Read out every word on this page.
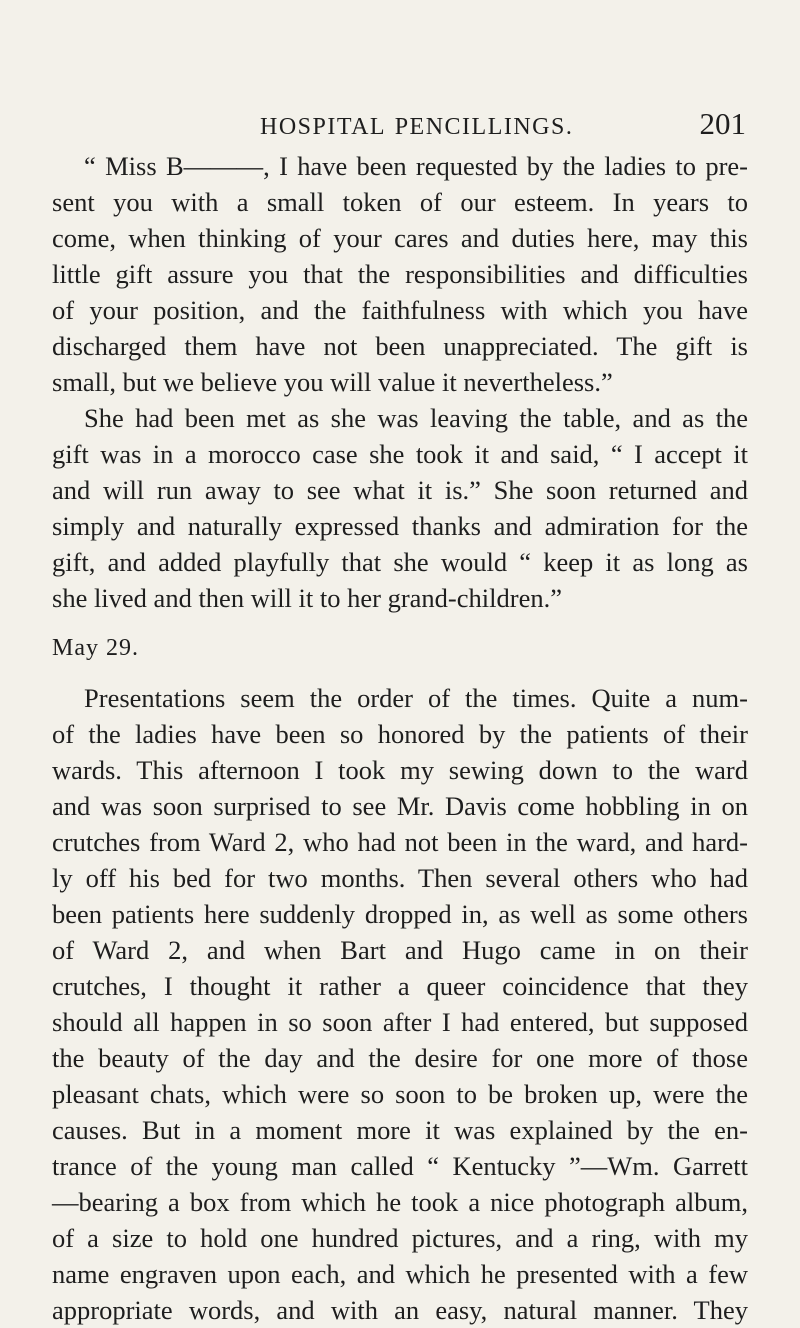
HOSPITAL PENCILLINGS.	201
“ Miss B———, I have been requested by the ladies to pre-
sent you with a small token of our esteem. In years to
come, when thinking of your cares and duties here, may this
little gift assure you that the responsibilities and difficulties
of your position, and the faithfulness with which you have
discharged them have not been unappreciated. The gift is
small, but we believe you will value it nevertheless.”
She had been met as she was leaving the table, and as the
gift was in a morocco case she took it and said, “ I accept it
and will run away to see what it is.” She soon returned and
simply and naturally expressed thanks and admiration for the
gift, and added playfully that she would “ keep it as long as
she lived and then will it to her grand-children.”
May 29.
Presentations seem the order of the times. Quite a num-
of the ladies have been so honored by the patients of their
wards. This afternoon I took my sewing down to the ward
and was soon surprised to see Mr. Davis come hobbling in on
crutches from Ward 2, who had not been in the ward, and hard-
ly off his bed for two months. Then several others who had
been patients here suddenly dropped in, as well as some others
of Ward 2, and when Bart and Hugo came in on their
crutches, I thought it rather a queer coincidence that they
should all happen in so soon after I had entered, but supposed
the beauty of the day and the desire for one more of those
pleasant chats, which were so soon to be broken up, were the
causes. But in a moment more it was explained by the en-
trance of the young man called “ Kentucky ”—Wm. Garrett
—bearing a box from which he took a nice photograph album,
of a size to hold one hundred pictures, and a ring, with my
name engraven upon each, and which he presented with a few
appropriate words, and with an easy, natural manner. They
